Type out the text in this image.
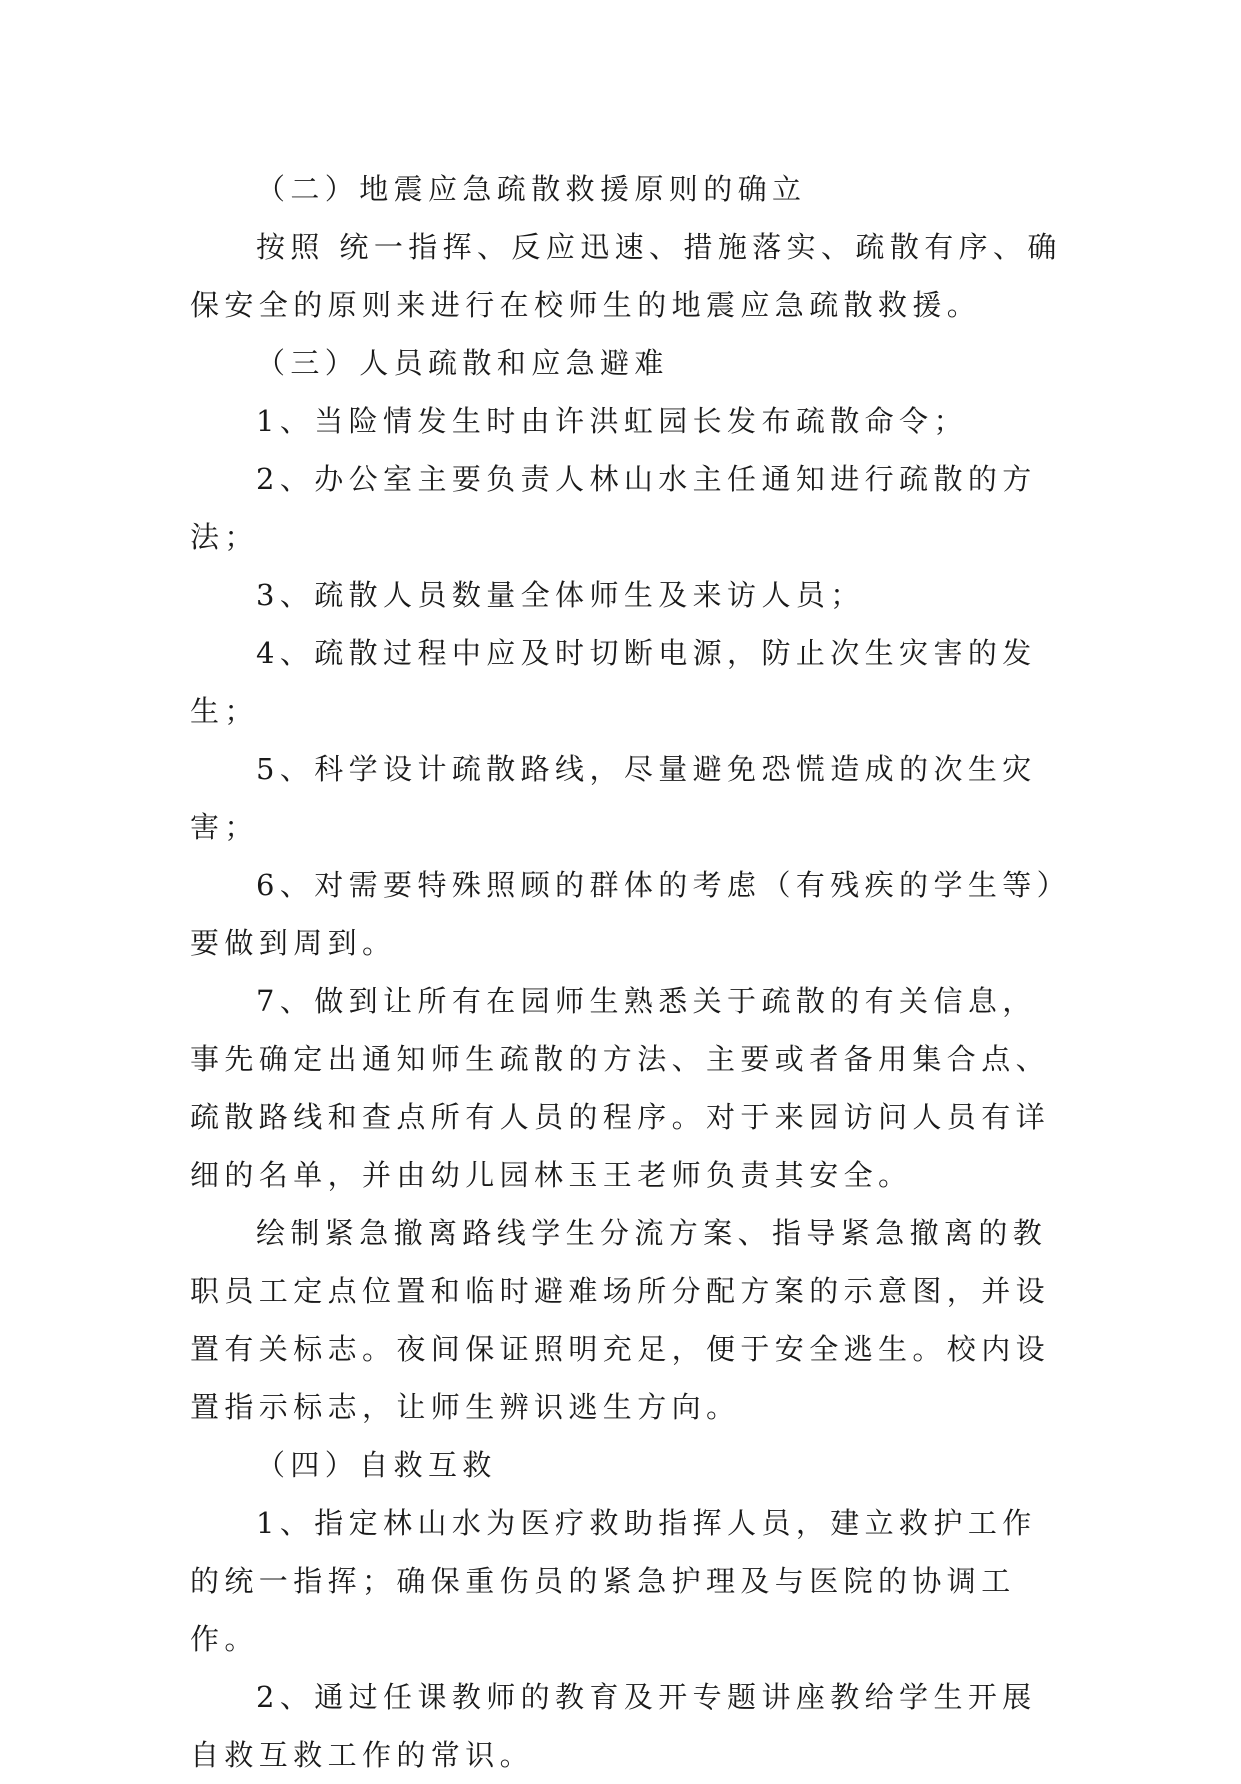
（二）地震应急疏散救援原则的确立

按照 统一指挥、反应迅速、措施落实、疏散有序、确保安全的原则来进行在校师生的地震应急疏散救援。

（三）人员疏散和应急避难

1、当险情发生时由许洪虹园长发布疏散命令；

2、办公室主要负责人林山水主任通知进行疏散的方法；

3、疏散人员数量全体师生及来访人员；

4、疏散过程中应及时切断电源，防止次生灾害的发生；

5、科学设计疏散路线，尽量避免恐慌造成的次生灾害；

6、对需要特殊照顾的群体的考虑（有残疾的学生等）要做到周到。

7、做到让所有在园师生熟悉关于疏散的有关信息，事先确定出通知师生疏散的方法、主要或者备用集合点、疏散路线和查点所有人员的程序。对于来园访问人员有详细的名单，并由幼儿园林玉王老师负责其安全。

绘制紧急撤离路线学生分流方案、指导紧急撤离的教职员工定点位置和临时避难场所分配方案的示意图，并设置有关标志。夜间保证照明充足，便于安全逃生。校内设置指示标志，让师生辨识逃生方向。

（四）自救互救

1、指定林山水为医疗救助指挥人员，建立救护工作的统一指挥；确保重伤员的紧急护理及与医院的协调工作。

2、通过任课教师的教育及开专题讲座教给学生开展自救互救工作的常识。
